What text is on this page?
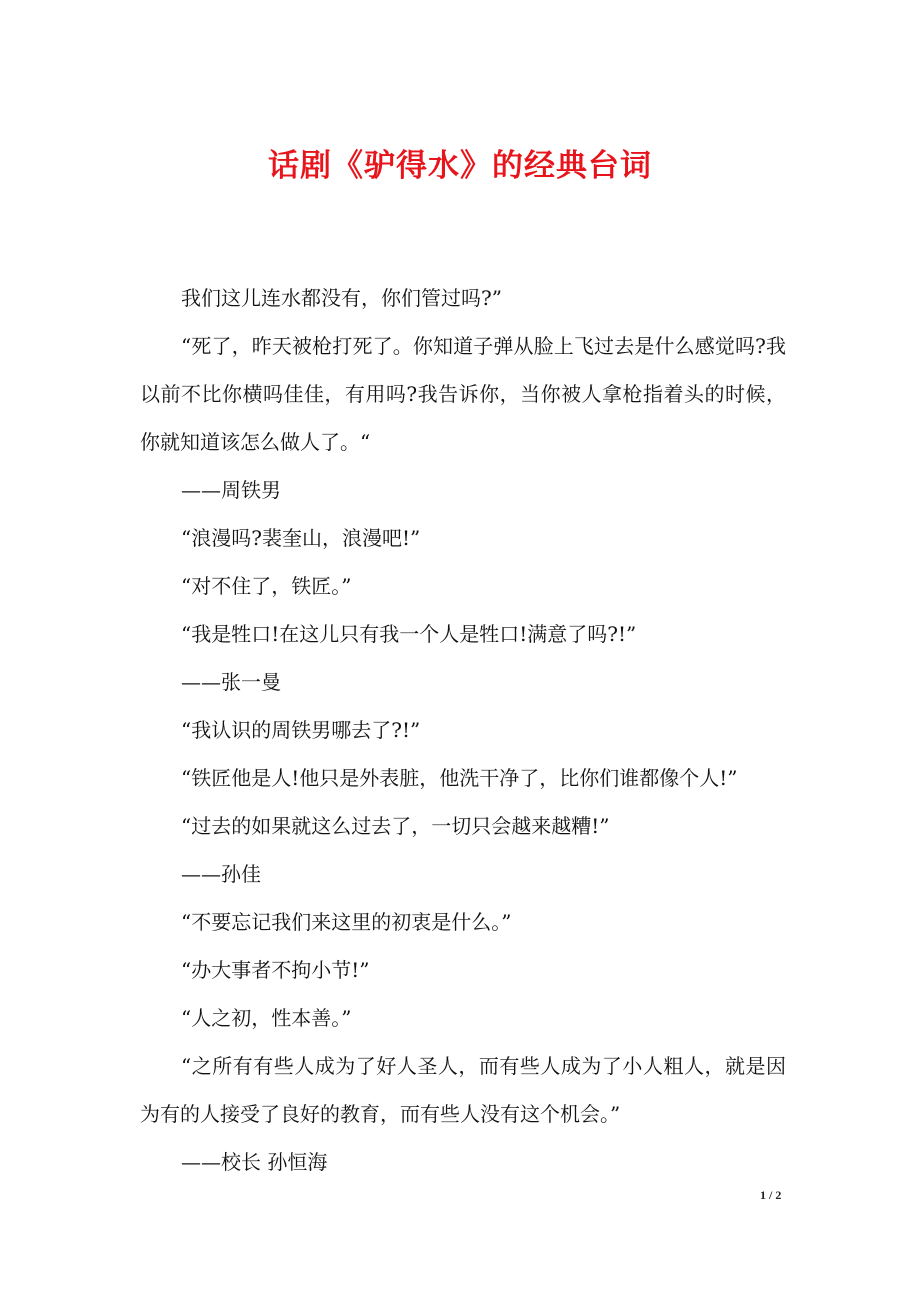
话剧《驴得水》的经典台词

我们这儿连水都没有，你们管过吗?”

“死了，昨天被枪打死了。你知道子弹从脸上飞过去是什么感觉吗?我以前不比你横吗佳佳，有用吗?我告诉你，当你被人拿枪指着头的时候，你就知道该怎么做人了。“

——周铁男

“浪漫吗?裴奎山，浪漫吧!”

“对不住了，铁匠。”

“我是牲口!在这儿只有我一个人是牲口!满意了吗?!”

——张一曼

“我认识的周铁男哪去了?!”

“铁匠他是人!他只是外表脏，他洗干净了，比你们谁都像个人!”

“过去的如果就这么过去了，一切只会越来越糟!”

——孙佳

“不要忘记我们来这里的初衷是什么。”

“办大事者不拘小节!”

“人之初，性本善。”

“之所有有些人成为了好人圣人，而有些人成为了小人粗人，就是因为有的人接受了良好的教育，而有些人没有这个机会。”

——校长 孙恒海

1 / 2
